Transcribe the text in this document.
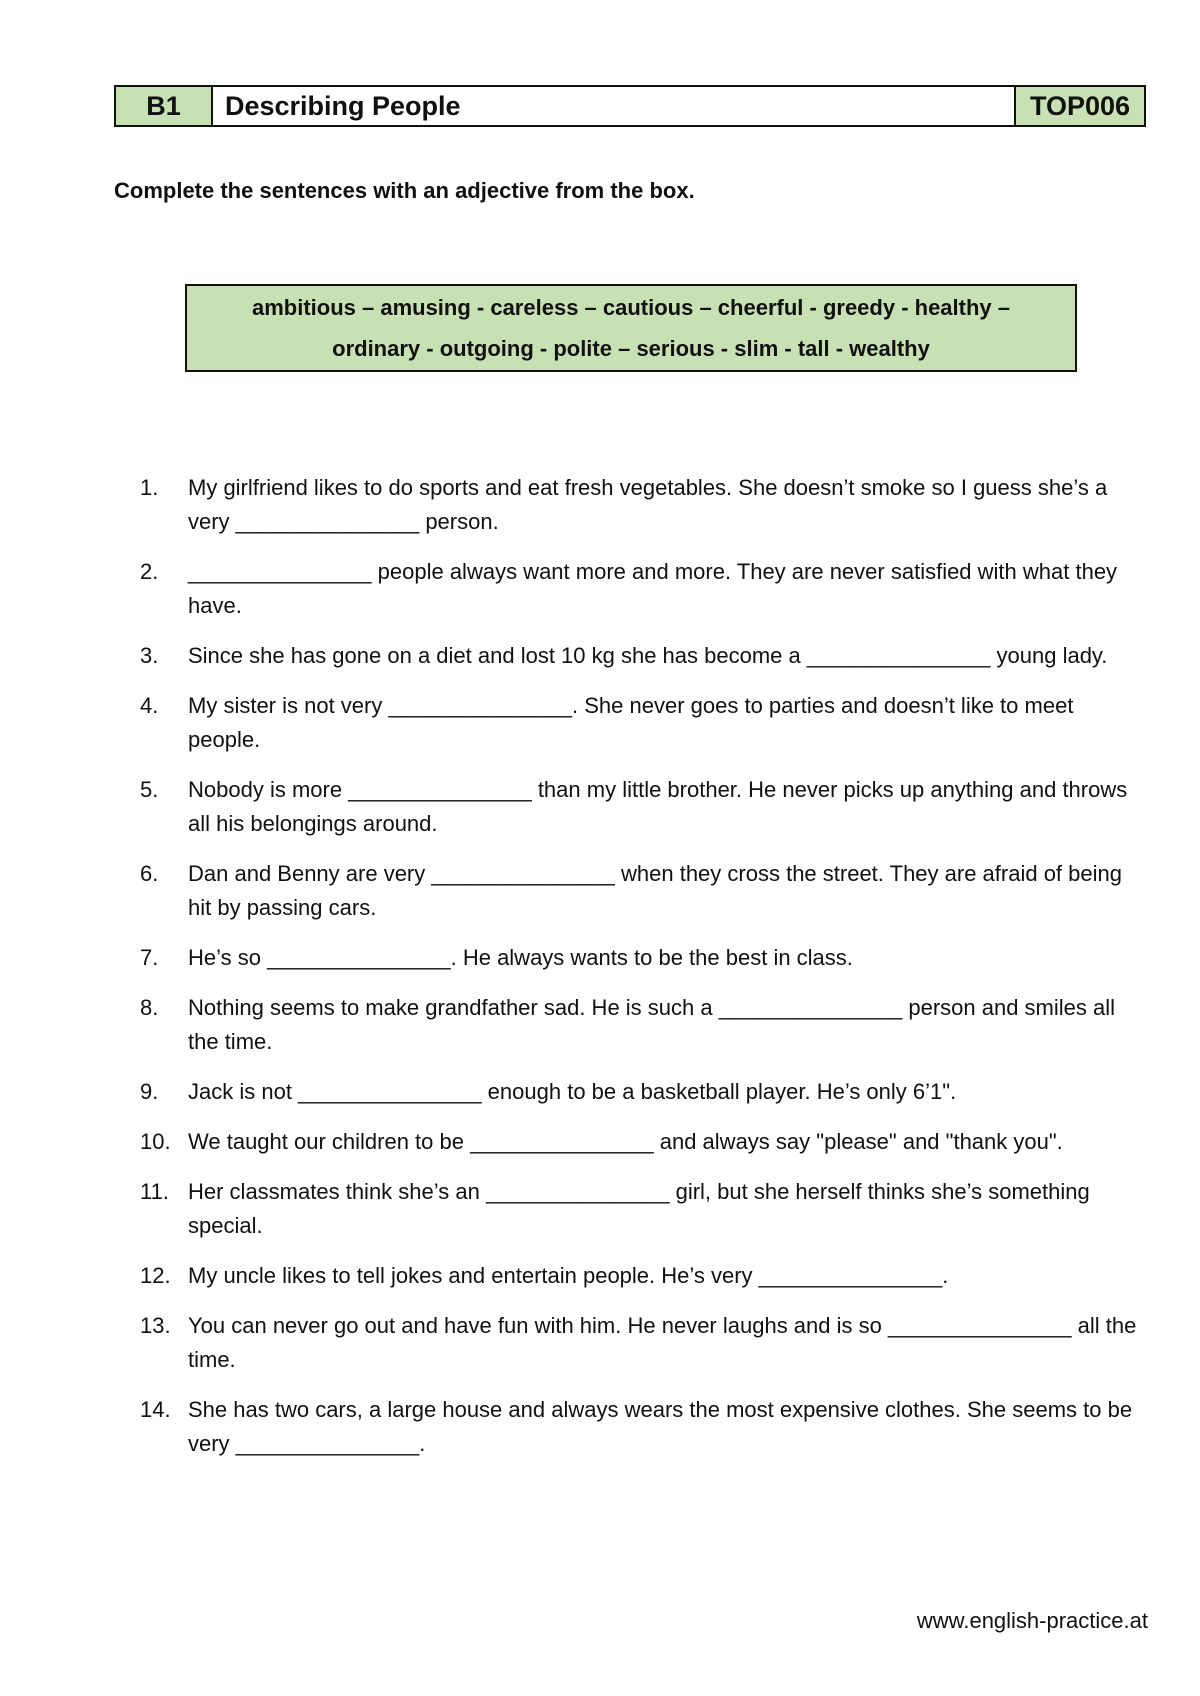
B1	Describing People	TOP006

Complete the sentences with an adjective from the box.

ambitious – amusing - careless – cautious – cheerful - greedy - healthy –
ordinary - outgoing - polite – serious - slim - tall - wealthy
1.	My girlfriend likes to do sports and eat fresh vegetables. She doesn’t smoke so I guess she’s a very _______________ person.
2.	_______________ people always want more and more. They are never satisfied with what they have.
3.	Since she has gone on a diet and lost 10 kg she has become a _______________ young lady.
4.	My sister is not very _______________. She never goes to parties and doesn’t like to meet people.
5.	Nobody is more _______________ than my little brother. He never picks up anything and throws all his belongings around.
6.	Dan and Benny are very _______________ when they cross the street. They are afraid of being hit by passing cars.
7.	He’s so _______________. He always wants to be the best in class.
8.	Nothing seems to make grandfather sad. He is such a _______________ person and smiles all the time.
9.	Jack is not _______________ enough to be a basketball player. He’s only 6’1".
10. We taught our children to be _______________ and always say "please" and "thank you".
11. Her classmates think she’s an _______________ girl, but she herself thinks she’s something special.
12. My uncle likes to tell jokes and entertain people. He’s very _______________.
13. You can never go out and have fun with him. He never laughs and is so _______________ all the time.
14. She has two cars, a large house and always wears the most expensive clothes. She seems to be very _______________.

www.english-practice.at
